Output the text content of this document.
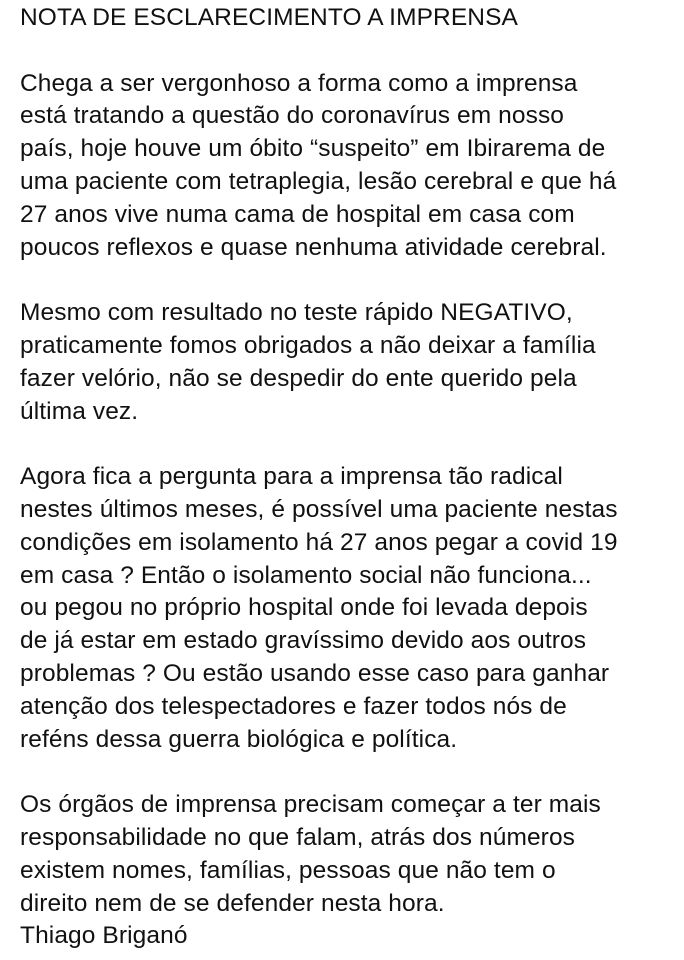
NOTA DE ESCLARECIMENTO A IMPRENSA
Chega a ser vergonhoso a forma como a imprensa
está tratando a questão do coronavírus em nosso
país, hoje houve um óbito “suspeito” em Ibirarema de
uma paciente com tetraplegia, lesão cerebral e que há
27 anos vive numa cama de hospital em casa com
poucos reflexos e quase nenhuma atividade cerebral.
Mesmo com resultado no teste rápido NEGATIVO,
praticamente fomos obrigados a não deixar a família
fazer velório, não se despedir do ente querido pela
última vez.
Agora fica a pergunta para a imprensa tão radical
nestes últimos meses, é possível uma paciente nestas
condições em isolamento há 27 anos pegar a covid 19
em casa ? Então o isolamento social não funciona...
ou pegou no próprio hospital onde foi levada depois
de já estar em estado gravíssimo devido aos outros
problemas ? Ou estão usando esse caso para ganhar
atenção dos telespectadores e fazer todos nós de
reféns dessa guerra biológica e política.
Os órgãos de imprensa precisam começar a ter mais
responsabilidade no que falam, atrás dos números
existem nomes, famílias, pessoas que não tem o
direito nem de se defender nesta hora.
Thiago Briganó
